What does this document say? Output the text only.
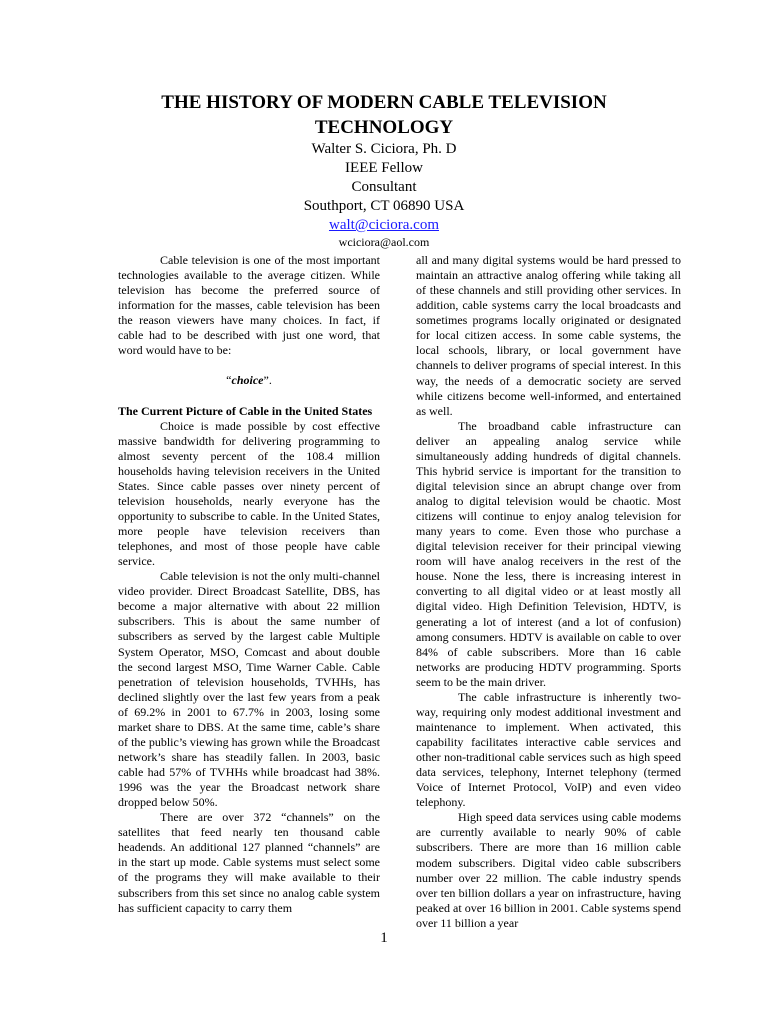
THE HISTORY OF MODERN CABLE TELEVISION TECHNOLOGY
Walter S. Ciciora, Ph. D
IEEE Fellow
Consultant
Southport, CT 06890 USA
walt@ciciora.com
wciciora@aol.com

Cable television is one of the most important technologies available to the average citizen. While television has become the preferred source of information for the masses, cable television has been the reason viewers have many choices. In fact, if cable had to be described with just one word, that word would have to be:

“choice”.

The Current Picture of Cable in the United States

Choice is made possible by cost effective massive bandwidth for delivering programming to almost seventy percent of the 108.4 million households having television receivers in the United States. Since cable passes over ninety percent of television households, nearly everyone has the opportunity to subscribe to cable. In the United States, more people have television receivers than telephones, and most of those people have cable service.

Cable television is not the only multi-channel video provider. Direct Broadcast Satellite, DBS, has become a major alternative with about 22 million subscribers. This is about the same number of subscribers as served by the largest cable Multiple System Operator, MSO, Comcast and about double the second largest MSO, Time Warner Cable. Cable penetration of television households, TVHHs, has declined slightly over the last few years from a peak of 69.2% in 2001 to 67.7% in 2003, losing some market share to DBS. At the same time, cable’s share of the public’s viewing has grown while the Broadcast network’s share has steadily fallen. In 2003, basic cable had 57% of TVHHs while broadcast had 38%. 1996 was the year the Broadcast network share dropped below 50%.

There are over 372 “channels” on the satellites that feed nearly ten thousand cable headends. An additional 127 planned “channels” are in the start up mode. Cable systems must select some of the programs they will make available to their subscribers from this set since no analog cable system has sufficient capacity to carry them

all and many digital systems would be hard pressed to maintain an attractive analog offering while taking all of these channels and still providing other services. In addition, cable systems carry the local broadcasts and sometimes programs locally originated or designated for local citizen access. In some cable systems, the local schools, library, or local government have channels to deliver programs of special interest. In this way, the needs of a democratic society are served while citizens become well-informed, and entertained as well.

The broadband cable infrastructure can deliver an appealing analog service while simultaneously adding hundreds of digital channels. This hybrid service is important for the transition to digital television since an abrupt change over from analog to digital television would be chaotic. Most citizens will continue to enjoy analog television for many years to come. Even those who purchase a digital television receiver for their principal viewing room will have analog receivers in the rest of the house. None the less, there is increasing interest in converting to all digital video or at least mostly all digital video. High Definition Television, HDTV, is generating a lot of interest (and a lot of confusion) among consumers. HDTV is available on cable to over 84% of cable subscribers. More than 16 cable networks are producing HDTV programming. Sports seem to be the main driver.

The cable infrastructure is inherently two-way, requiring only modest additional investment and maintenance to implement. When activated, this capability facilitates interactive cable services and other non-traditional cable services such as high speed data services, telephony, Internet telephony (termed Voice of Internet Protocol, VoIP) and even video telephony.

High speed data services using cable modems are currently available to nearly 90% of cable subscribers. There are more than 16 million cable modem subscribers. Digital video cable subscribers number over 22 million. The cable industry spends over ten billion dollars a year on infrastructure, having peaked at over 16 billion in 2001. Cable systems spend over 11 billion a year

1
